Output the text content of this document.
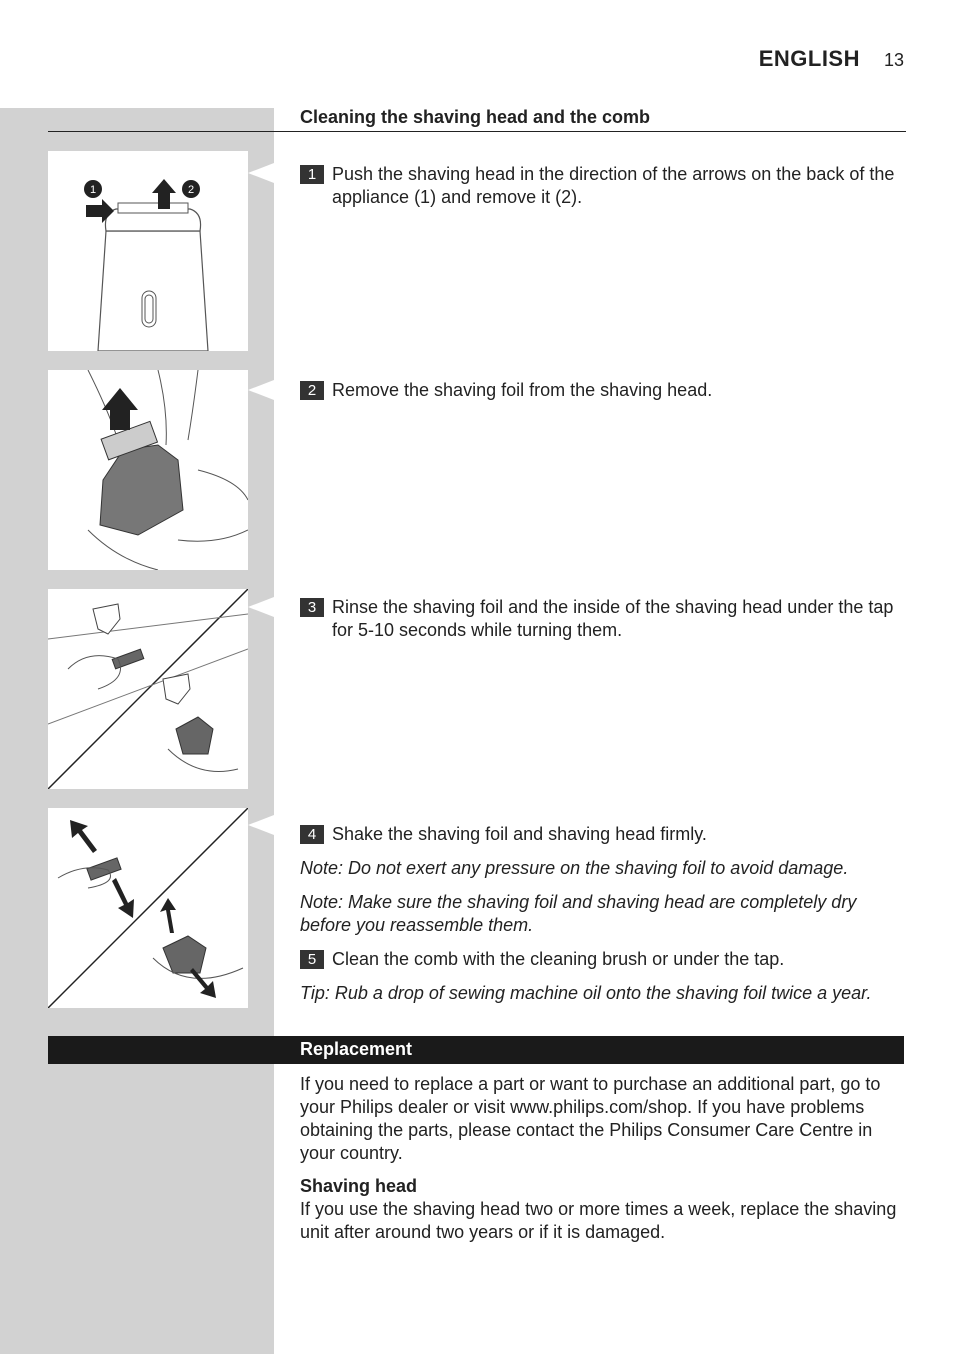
ENGLISH 13
Cleaning the shaving head and the comb
1	2
1 Push the shaving head in the direction of the arrows on the back of the appliance (1) and remove it (2).
2 Remove the shaving foil from the shaving head.
3 Rinse the shaving foil and the inside of the shaving head under the tap for 5-10 seconds while turning them.
4 Shake the shaving foil and shaving head firmly.
Note: Do not exert any pressure on the shaving foil to avoid damage.
Note: Make sure the shaving foil and shaving head are completely dry before you reassemble them.
5 Clean the comb with the cleaning brush or under the tap.
Tip: Rub a drop of sewing machine oil onto the shaving foil twice a year.
Replacement
If you need to replace a part or want to purchase an additional part, go to your Philips dealer or visit www.philips.com/shop. If you have problems obtaining the parts, please contact the Philips Consumer Care Centre in your country.
Shaving head
If you use the shaving head two or more times a week, replace the shaving unit after around two years or if it is damaged.
